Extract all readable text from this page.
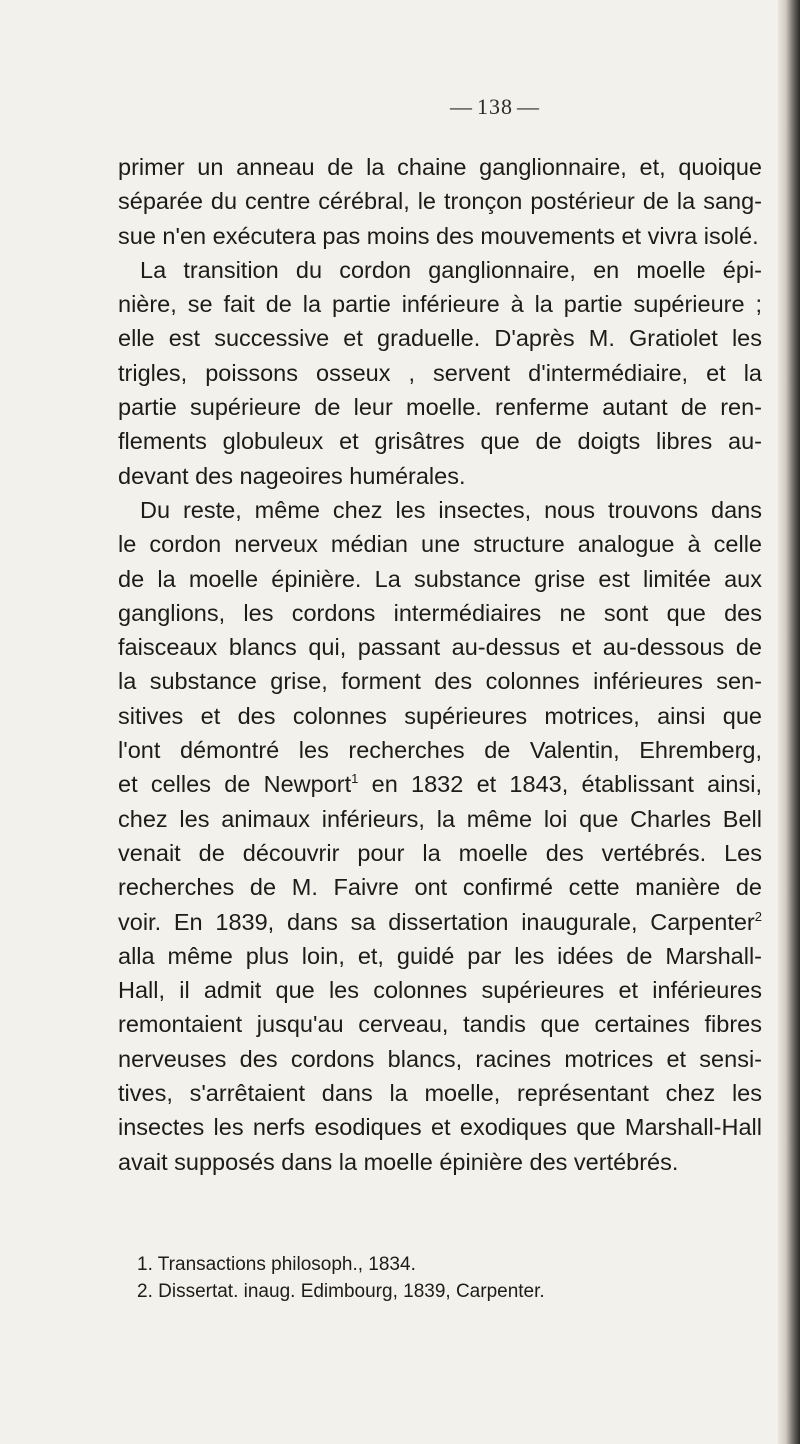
— 138 —
primer un anneau de la chaine ganglionnaire, et, quoique
séparée du centre cérébral, le tronçon postérieur de la sang-
sue n'en exécutera pas moins des mouvements et vivra isolé.
La transition du cordon ganglionnaire, en moelle épi-
nière, se fait de la partie inférieure à la partie supérieure ;
elle est successive et graduelle. D'après M. Gratiolet les
trigles, poissons osseux , servent d'intermédiaire, et la
partie supérieure de leur moelle. renferme autant de ren-
flements globuleux et grisâtres que de doigts libres au-
devant des nageoires humérales.
Du reste, même chez les insectes, nous trouvons dans
le cordon nerveux médian une structure analogue à celle
de la moelle épinière. La substance grise est limitée aux
ganglions, les cordons intermédiaires ne sont que des
faisceaux blancs qui, passant au-dessus et au-dessous de
la substance grise, forment des colonnes inférieures sen-
sitives et des colonnes supérieures motrices, ainsi que
l'ont démontré les recherches de Valentin, Ehremberg,
et celles de Newport$^1$ en 1832 et 1843, établissant ainsi,
chez les animaux inférieurs, la même loi que Charles Bell
venait de découvrir pour la moelle des vertébrés. Les
recherches de M. Faivre ont confirmé cette manière de
voir. En 1839, dans sa dissertation inaugurale, Carpenter$^2$
alla même plus loin, et, guidé par les idées de Marshall-
Hall, il admit que les colonnes supérieures et inférieures
remontaient jusqu'au cerveau, tandis que certaines fibres
nerveuses des cordons blancs, racines motrices et sensi-
tives, s'arrêtaient dans la moelle, représentant chez les
insectes les nerfs esodiques et exodiques que Marshall-Hall
avait supposés dans la moelle épinière des vertébrés.
1. Transactions philosoph., 1834.
2. Dissertat. inaug. Edimbourg, 1839, Carpenter.
